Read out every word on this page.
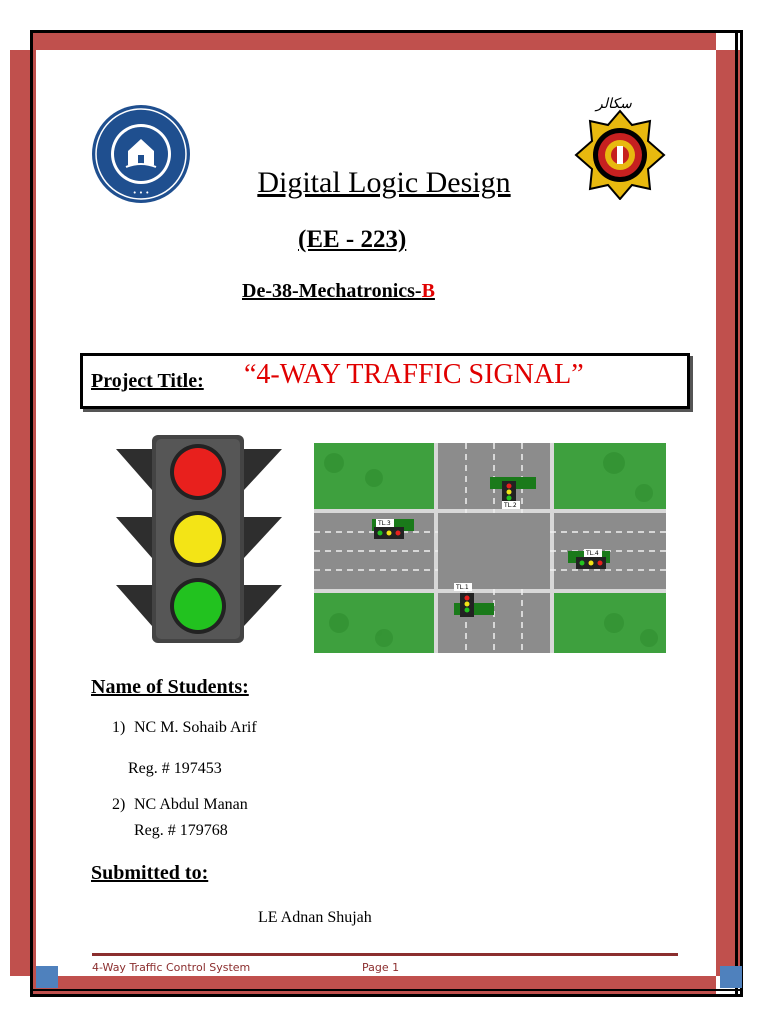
• • •
سکالر
Digital Logic Design
(EE - 223)
De-38-Mechatronics-B
Project Title: “4-WAY TRAFFIC SIGNAL”
TL.1
TL.2
TL.3
TL.4
Name of Students:
1) NC M. Sohaib Arif
Reg. # 197453
2) NC Abdul Manan
Reg. # 179768
Submitted to:
LE Adnan Shujah
4-Way Traffic Control System	Page 1
